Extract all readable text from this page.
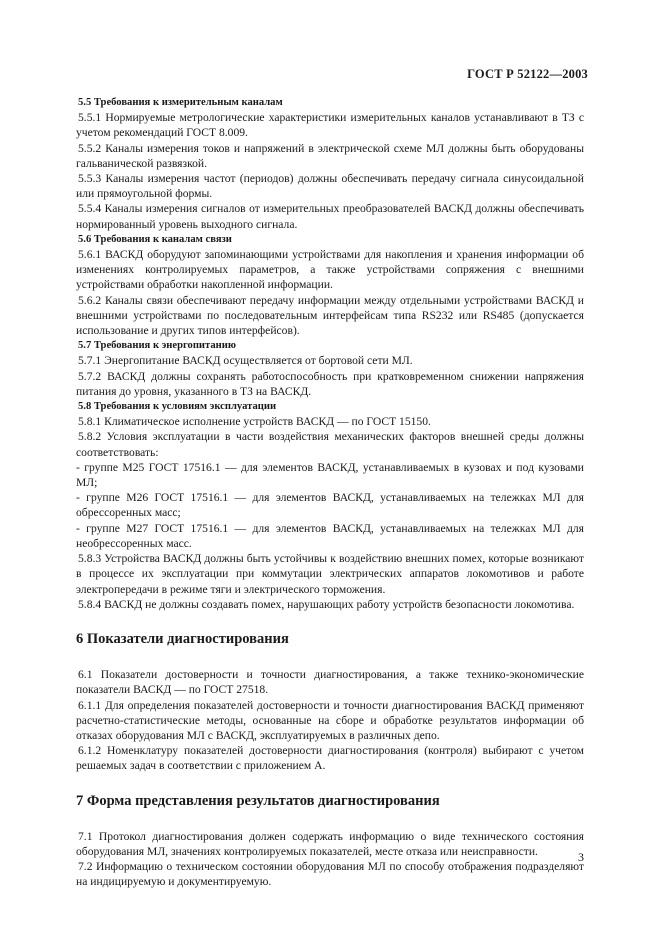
ГОСТ Р 52122—2003

5.5 Требования к измерительным каналам

5.5.1 Нормируемые метрологические характеристики измерительных каналов устанавливают в ТЗ с учетом рекомендаций ГОСТ 8.009.

5.5.2 Каналы измерения токов и напряжений в электрической схеме МЛ должны быть оборудованы гальванической развязкой.

5.5.3 Каналы измерения частот (периодов) должны обеспечивать передачу сигнала синусоидальной или прямоугольной формы.

5.5.4 Каналы измерения сигналов от измерительных преобразователей ВАСКД должны обеспечивать нормированный уровень выходного сигнала.

5.6 Требования к каналам связи

5.6.1 ВАСКД оборудуют запоминающими устройствами для накопления и хранения информации об изменениях контролируемых параметров, а также устройствами сопряжения с внешними устройствами обработки накопленной информации.

5.6.2 Каналы связи обеспечивают передачу информации между отдельными устройствами ВАСКД и внешними устройствами по последовательным интерфейсам типа RS232 или RS485 (допускается использование и других типов интерфейсов).

5.7 Требования к энергопитанию

5.7.1 Энергопитание ВАСКД осуществляется от бортовой сети МЛ.

5.7.2 ВАСКД должны сохранять работоспособность при кратковременном снижении напряжения питания до уровня, указанного в ТЗ на ВАСКД.

5.8 Требования к условиям эксплуатации

5.8.1 Климатическое исполнение устройств ВАСКД — по ГОСТ 15150.

5.8.2 Условия эксплуатации в части воздействия механических факторов внешней среды должны соответствовать:

- группе М25 ГОСТ 17516.1 — для элементов ВАСКД, устанавливаемых в кузовах и под кузовами МЛ;

- группе М26 ГОСТ 17516.1 — для элементов ВАСКД, устанавливаемых на тележках МЛ для обрессоренных масс;

- группе М27 ГОСТ 17516.1 — для элементов ВАСКД, устанавливаемых на тележках МЛ для необрессоренных масс.

5.8.3 Устройства ВАСКД должны быть устойчивы к воздействию внешних помех, которые возникают в процессе их эксплуатации при коммутации электрических аппаратов локомотивов и работе электропередачи в режиме тяги и электрического торможения.

5.8.4 ВАСКД не должны создавать помех, нарушающих работу устройств безопасности локомотива.

6 Показатели диагностирования

6.1 Показатели достоверности и точности диагностирования, а также технико-экономические показатели ВАСКД — по ГОСТ 27518.

6.1.1 Для определения показателей достоверности и точности диагностирования ВАСКД применяют расчетно-статистические методы, основанные на сборе и обработке результатов информации об отказах оборудования МЛ с ВАСКД, эксплуатируемых в различных депо.

6.1.2 Номенклатуру показателей достоверности диагностирования (контроля) выбирают с учетом решаемых задач в соответствии с приложением А.

7 Форма представления результатов диагностирования

7.1 Протокол диагностирования должен содержать информацию о виде технического состояния оборудования МЛ, значениях контролируемых показателей, месте отказа или неисправности.

7.2 Информацию о техническом состоянии оборудования МЛ по способу отображения подразделяют на индицируемую и документируемую.

3
